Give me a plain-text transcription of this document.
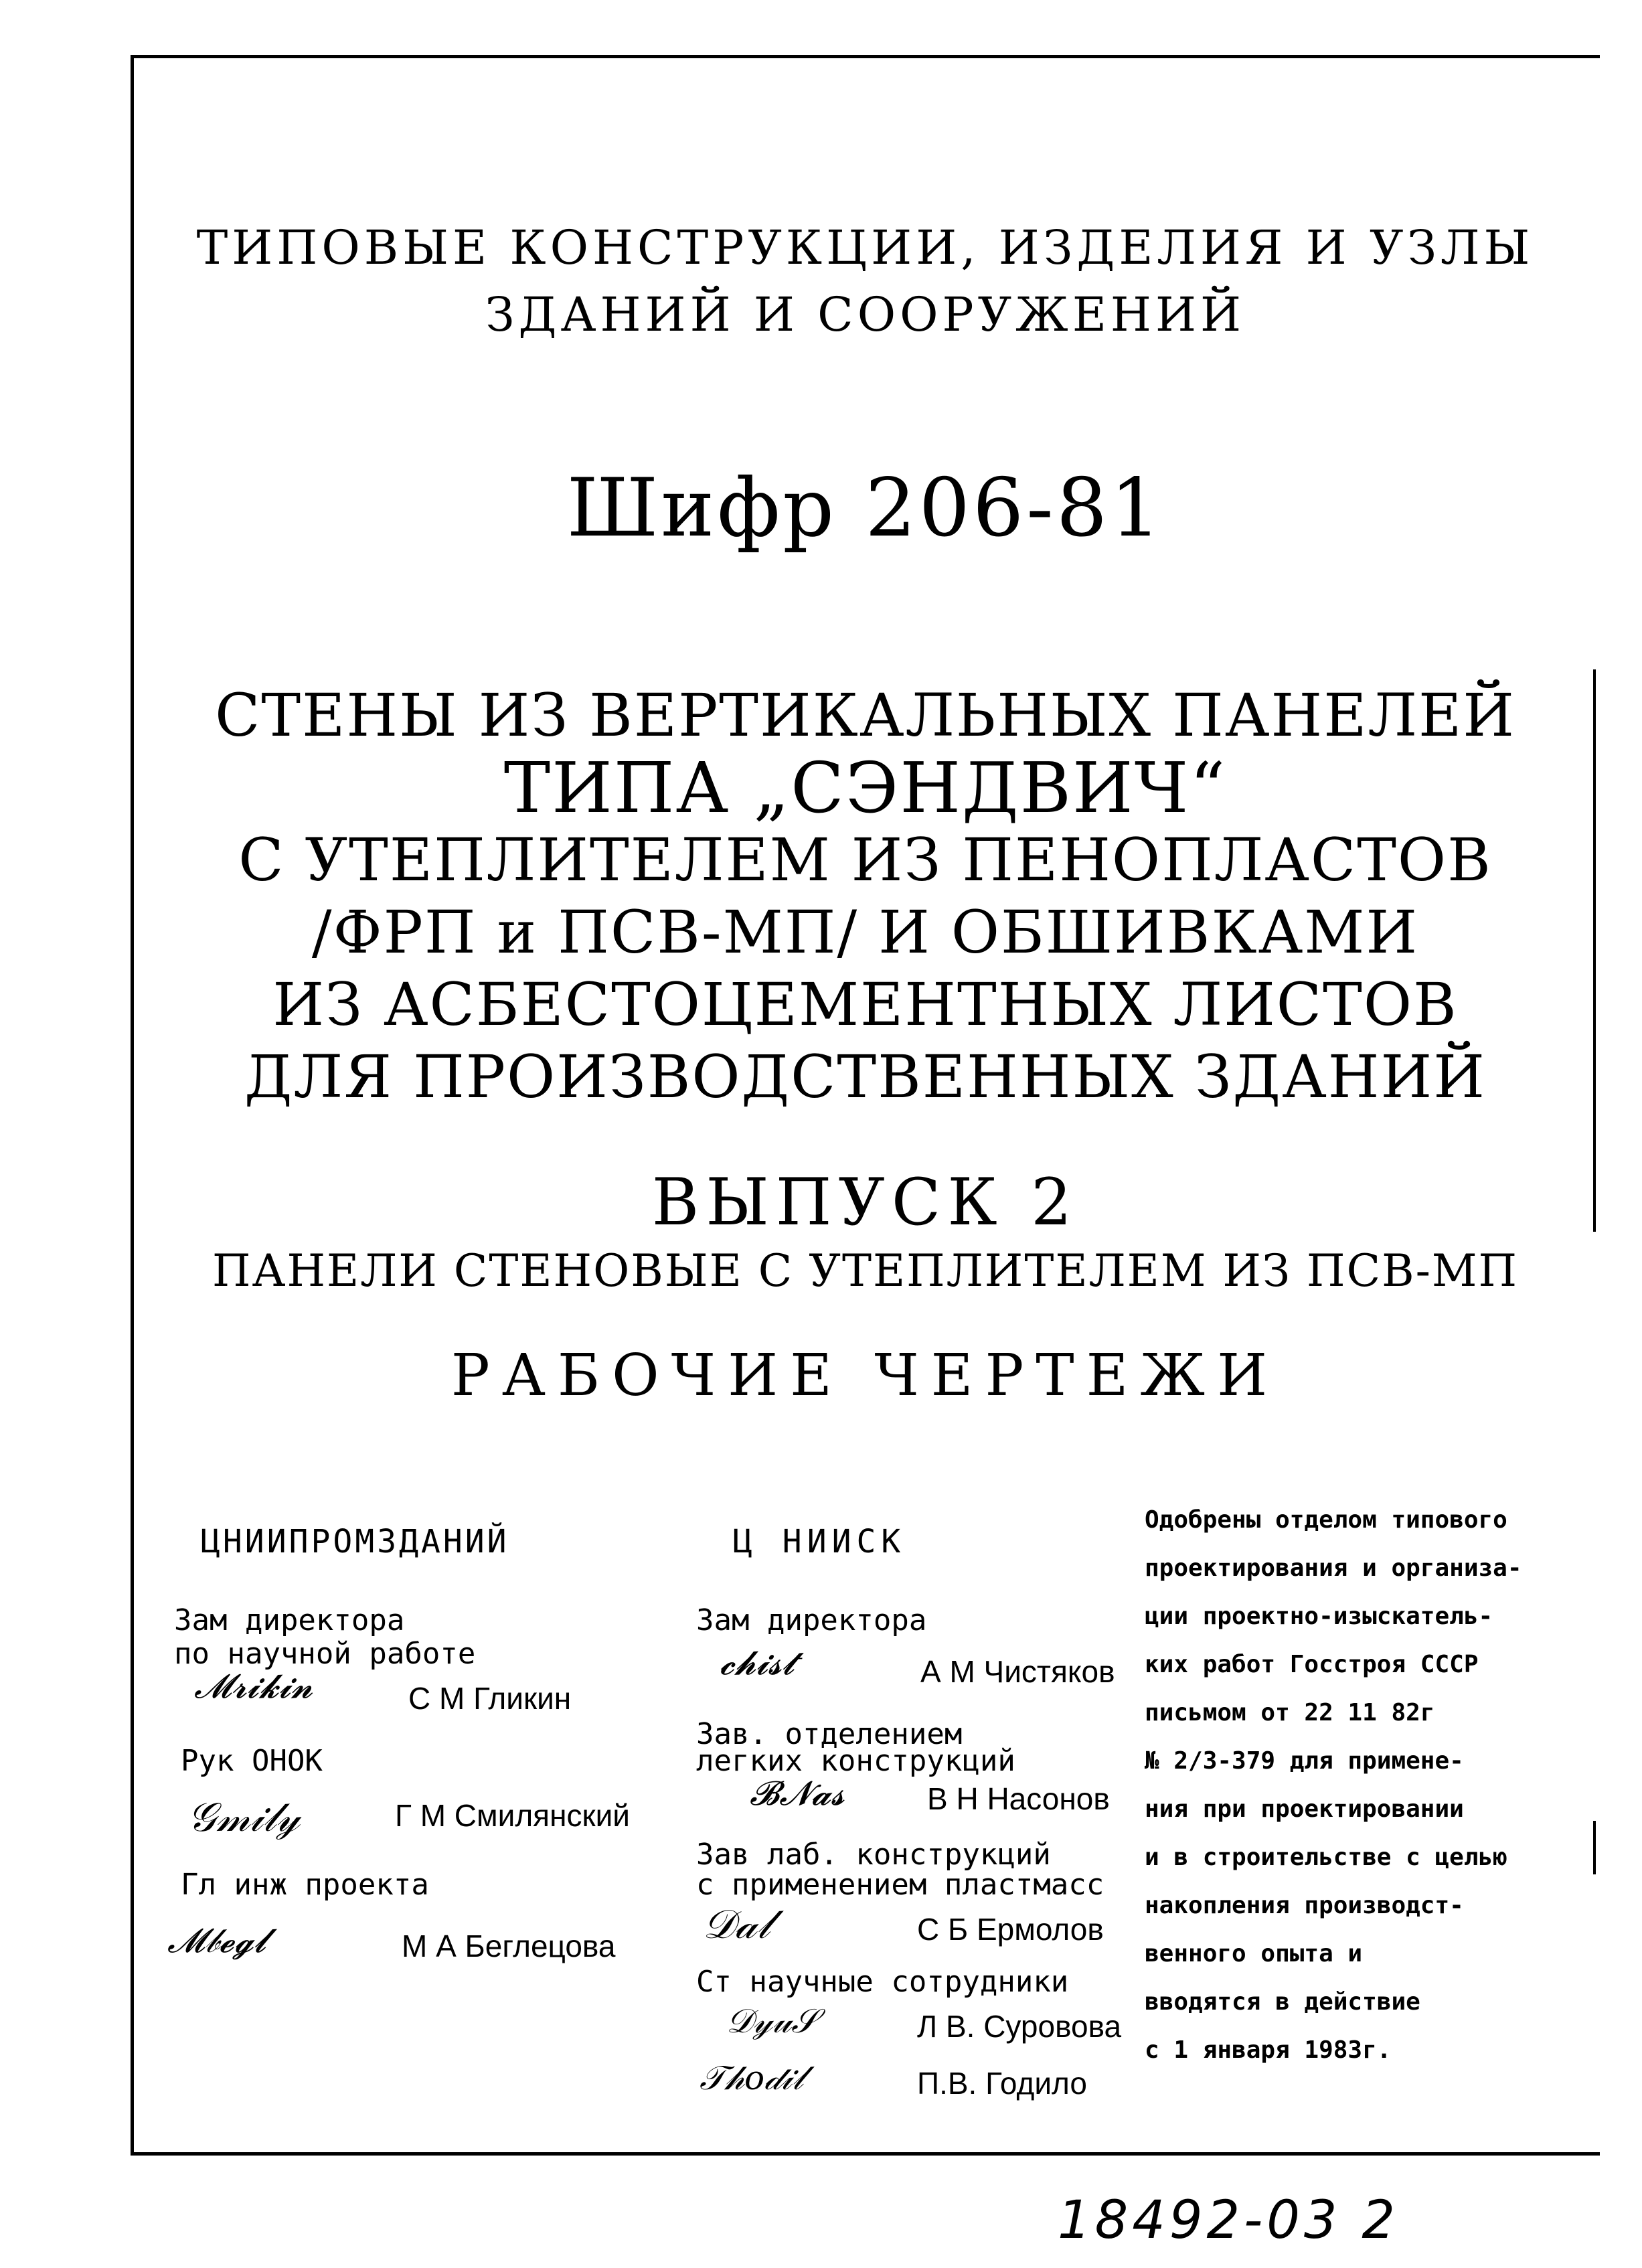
ТИПОВЫЕ КОНСТРУКЦИИ, ИЗДЕЛИЯ И УЗЛЫ
ЗДАНИЙ И СООРУЖЕНИЙ
Шифр 206-81
СТЕНЫ ИЗ ВЕРТИКАЛЬНЫХ ПАНЕЛЕЙ
ТИПА „СЭНДВИЧ“
С УТЕПЛИТЕЛЕМ ИЗ ПЕНОПЛАСТОВ
/ФРП и ПСВ-МП/ И ОБШИВКАМИ
ИЗ АСБЕСТОЦЕМЕНТНЫХ ЛИСТОВ
ДЛЯ ПРОИЗВОДСТВЕННЫХ ЗДАНИЙ
ВЫПУСК 2
ПАНЕЛИ СТЕНОВЫЕ С УТЕПЛИТЕЛЕМ ИЗ ПСВ-МП
РАБОЧИЕ ЧЕРТЕЖИ
ЦНИИПРОМЗДАНИЙ
Зам директора
по научной работе
𝓜𝓻𝓲𝓴𝓲𝓷	С М Гликин
Рук ОНОК
𝒢𝓂𝒾𝓁𝓎	Г М Смилянский
Гл инж проекта
𝓜𝒷𝓮𝓰𝓵	М А Беглецова
Ц НИИСК
Зам директора
𝓬𝓱𝓲𝓼𝓽	А М Чистяков
Зав. отделением
легких конструкций
𝓑𝓝𝓪𝓼	В Н Насонов
Зав лаб. конструкций
с применением пластмасс
𝒟𝒶𝓁	С Б Ермолов
Ст научные сотрудники
𝒟𝓎𝓊𝒮	Л В. Суровова
𝒯𝒽𝑜𝒹𝒾𝓁	П.В. Годило
Одобрены отделом типового
проектирования и организа-
ции проектно-изыскатель-
ких работ Госстроя СССР
письмом от 22 11 82г
№ 2/3-379 для примене-
ния при проектировании
и в строительстве с целью
накопления производст-
венного опыта и
вводятся в действие
с 1 января 1983г.
18492-03 2
